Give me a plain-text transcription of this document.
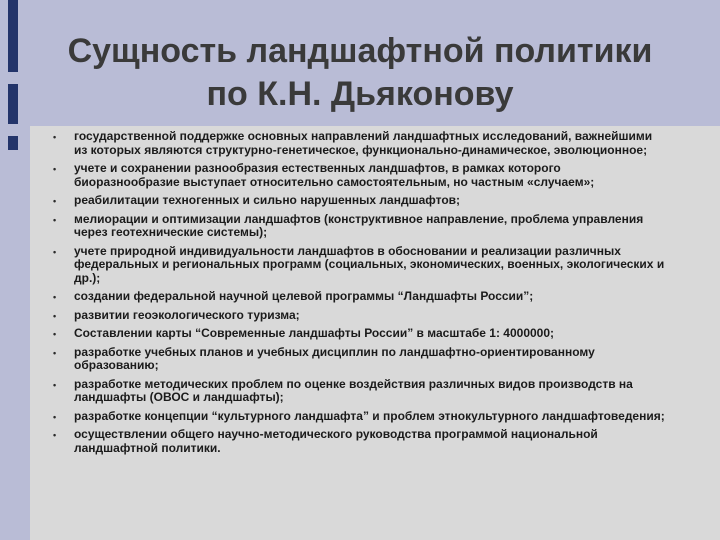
Сущность ландшафтной политики
по К.Н. Дьяконову
• государственной поддержке основных направлений ландшафтных исследований, важнейшими из которых являются структурно-генетическое, функционально-динамическое, эволюционное;
• учете и сохранении разнообразия естественных ландшафтов, в рамках которого биоразнообразие выступает относительно самостоятельным, но частным «случаем»;
• реабилитации техногенных и сильно нарушенных ландшафтов;
• мелиорации и оптимизации ландшафтов (конструктивное направление, проблема управления через геотехнические системы);
• учете природной индивидуальности ландшафтов в обосновании и реализации различных федеральных и региональных программ (социальных, экономических, военных, экологических и др.);
• создании федеральной научной целевой программы “Ландшафты России”;
• развитии геоэкологического туризма;
• Составлении карты “Современные ландшафты России” в масштабе 1: 4000000;
• разработке учебных планов и учебных дисциплин по ландшафтно-ориентированному образованию;
• разработке методических проблем по оценке воздействия различных видов производств на ландшафты (ОВОС и ландшафты);
• разработке концепции “культурного ландшафта” и проблем этнокультурного ландшафтоведения;
• осуществлении общего научно-методического руководства программой национальной ландшафтной политики.
